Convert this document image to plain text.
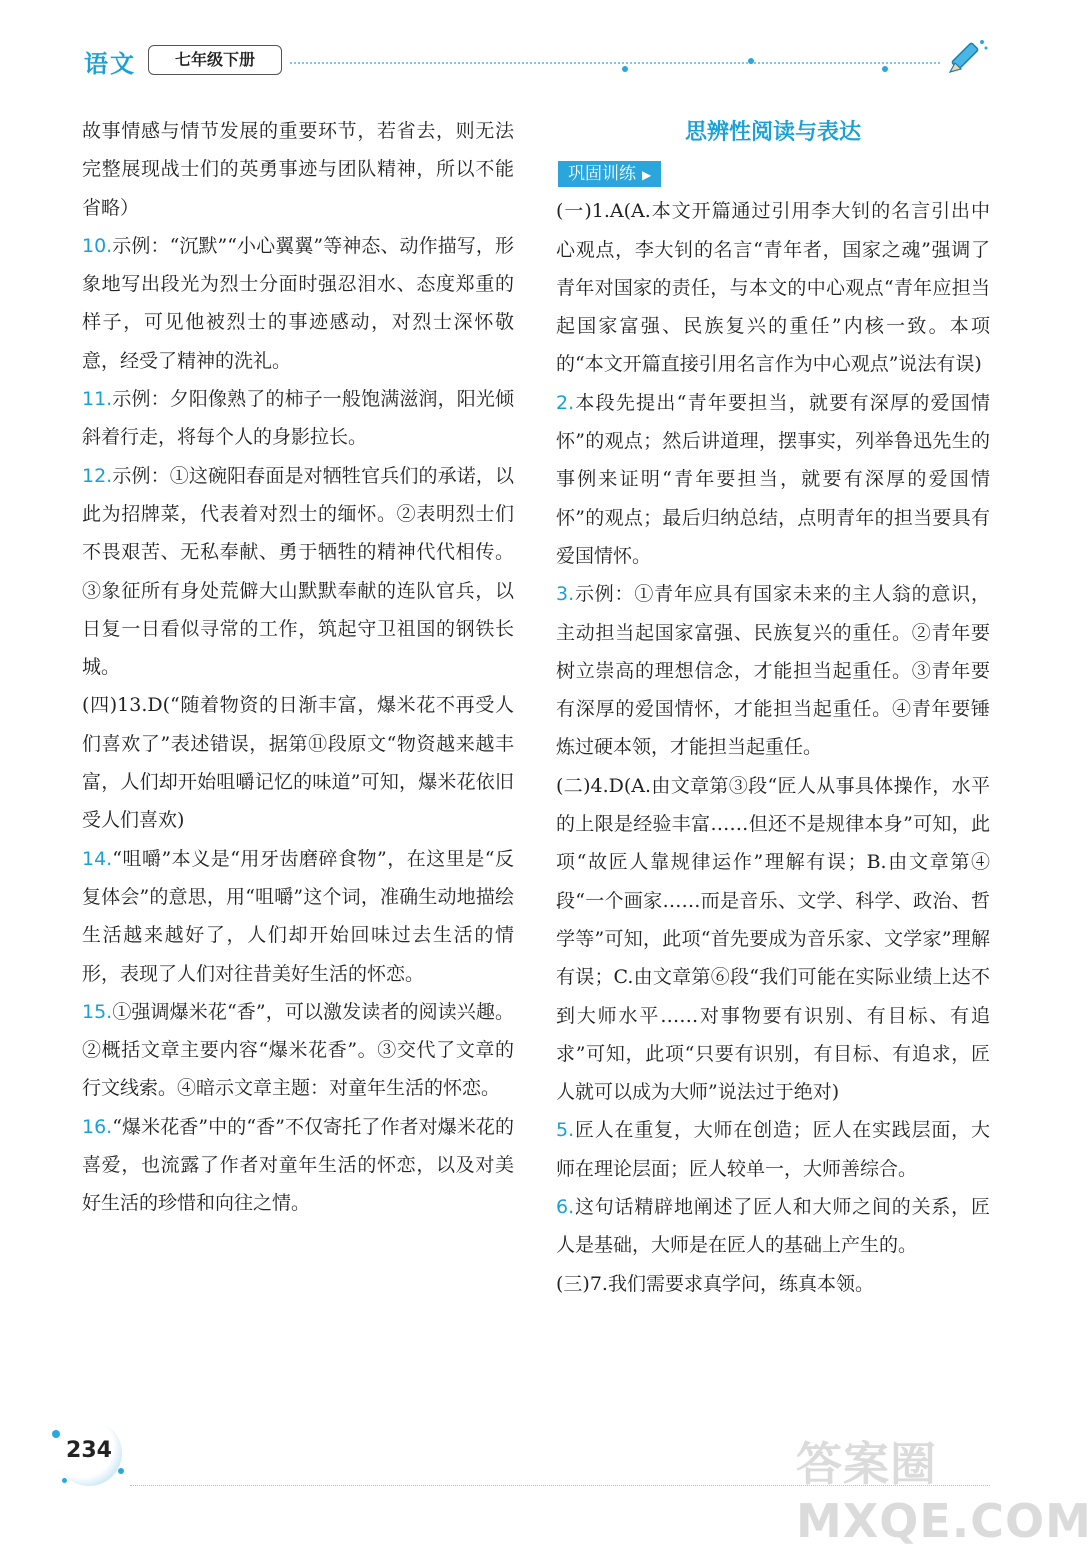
语文	七年级下册

故事情感与情节发展的重要环节，若省去，则无法完整展现战士们的英勇事迹与团队精神，所以不能省略）

10.示例：“沉默”“小心翼翼”等神态、动作描写，形象地写出段光为烈士分面时强忍泪水、态度郑重的样子，可见他被烈士的事迹感动，对烈士深怀敬意，经受了精神的洗礼。

11.示例：夕阳像熟了的柿子一般饱满滋润，阳光倾斜着行走，将每个人的身影拉长。

12.示例：①这碗阳春面是对牺牲官兵们的承诺，以此为招牌菜，代表着对烈士的缅怀。②表明烈士们不畏艰苦、无私奉献、勇于牺牲的精神代代相传。③象征所有身处荒僻大山默默奉献的连队官兵，以日复一日看似寻常的工作，筑起守卫祖国的钢铁长城。

(四)13.D(“随着物资的日渐丰富，爆米花不再受人们喜欢了”表述错误，据第⑪段原文“物资越来越丰富，人们却开始咀嚼记忆的味道”可知，爆米花依旧受人们喜欢)

14.“咀嚼”本义是“用牙齿磨碎食物”，在这里是“反复体会”的意思，用“咀嚼”这个词，准确生动地描绘生活越来越好了，人们却开始回味过去生活的情形，表现了人们对往昔美好生活的怀恋。

15.①强调爆米花“香”，可以激发读者的阅读兴趣。②概括文章主要内容“爆米花香”。③交代了文章的行文线索。④暗示文章主题：对童年生活的怀恋。

16.“爆米花香”中的“香”不仅寄托了作者对爆米花的喜爱，也流露了作者对童年生活的怀恋，以及对美好生活的珍惜和向往之情。

思辨性阅读与表达
巩固训练 ▶

(一)1.A(A.本文开篇通过引用李大钊的名言引出中心观点，李大钊的名言“青年者，国家之魂”强调了青年对国家的责任，与本文的中心观点“青年应担当起国家富强、民族复兴的重任”内核一致。本项的“本文开篇直接引用名言作为中心观点”说法有误)

2.本段先提出“青年要担当，就要有深厚的爱国情怀”的观点；然后讲道理，摆事实，列举鲁迅先生的事例来证明“青年要担当，就要有深厚的爱国情怀”的观点；最后归纳总结，点明青年的担当要具有爱国情怀。

3.示例：①青年应具有国家未来的主人翁的意识，主动担当起国家富强、民族复兴的重任。②青年要树立崇高的理想信念，才能担当起重任。③青年要有深厚的爱国情怀，才能担当起重任。④青年要锤炼过硬本领，才能担当起重任。

(二)4.D(A.由文章第③段“匠人从事具体操作，水平的上限是经验丰富……但还不是规律本身”可知，此项“故匠人靠规律运作”理解有误；B.由文章第④段“一个画家……而是音乐、文学、科学、政治、哲学等”可知，此项“首先要成为音乐家、文学家”理解有误；C.由文章第⑥段“我们可能在实际业绩上达不到大师水平……对事物要有识别、有目标、有追求”可知，此项“只要有识别，有目标、有追求，匠人就可以成为大师”说法过于绝对)

5.匠人在重复，大师在创造；匠人在实践层面，大师在理论层面；匠人较单一，大师善综合。

6.这句话精辟地阐述了匠人和大师之间的关系，匠人是基础，大师是在匠人的基础上产生的。

(三)7.我们需要求真学问，练真本领。

234	答案圈 MXQE.COM
